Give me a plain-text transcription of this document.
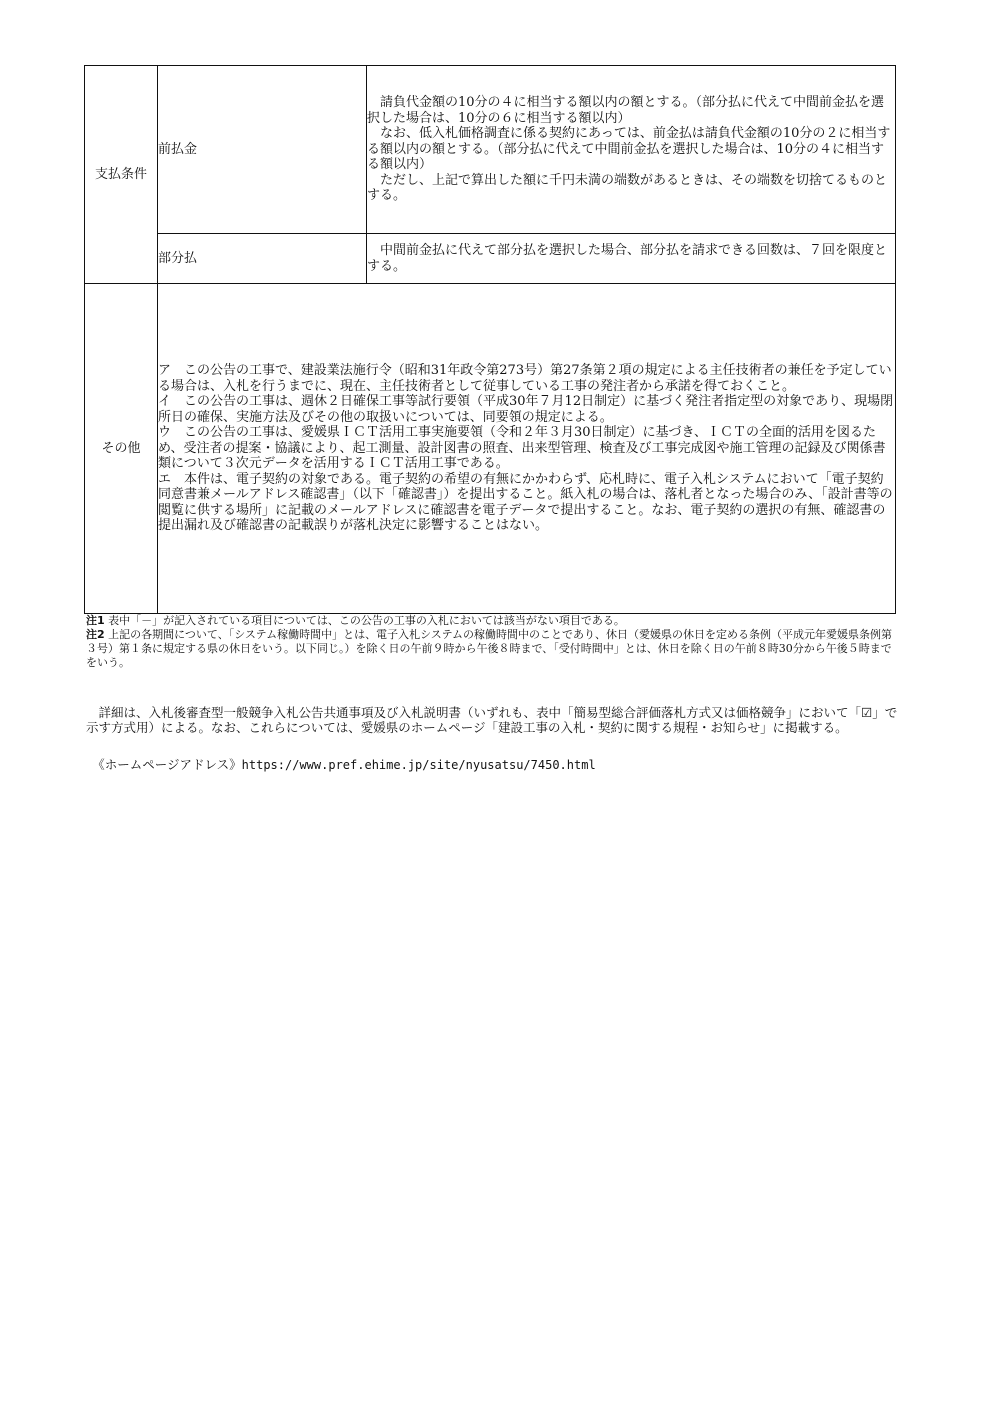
支払条件	前払金	　請負代金額の10分の４に相当する額以内の額とする。（部分払に代えて中間前金払を選択した場合は、10分の６に相当する額以内）
　なお、低入札価格調査に係る契約にあっては、前金払は請負代金額の10分の２に相当する額以内の額とする。（部分払に代えて中間前金払を選択した場合は、10分の４に相当する額以内）
　ただし、上記で算出した額に千円未満の端数があるときは、その端数を切捨てるものとする。
	部分払	　中間前金払に代えて部分払を選択した場合、部分払を請求できる回数は、７回を限度とする。
その他	ア　この公告の工事で、建設業法施行令（昭和31年政令第273号）第27条第２項の規定による主任技術者の兼任を予定している場合は、入札を行うまでに、現在、主任技術者として従事している工事の発注者から承諾を得ておくこと。
イ　この公告の工事は、週休２日確保工事等試行要領（平成30年７月12日制定）に基づく発注者指定型の対象であり、現場閉所日の確保、実施方法及びその他の取扱いについては、同要領の規定による。
ウ　この公告の工事は、愛媛県ＩＣＴ活用工事実施要領（令和２年３月30日制定）に基づき、ＩＣＴの全面的活用を図るため、受注者の提案・協議により、起工測量、設計図書の照査、出来型管理、検査及び工事完成図や施工管理の記録及び関係書類について３次元データを活用するＩＣＴ活用工事である。
エ　本件は、電子契約の対象である。電子契約の希望の有無にかかわらず、応札時に、電子入札システムにおいて「電子契約同意書兼メールアドレス確認書」（以下「確認書」）を提出すること。紙入札の場合は、落札者となった場合のみ、「設計書等の閲覧に供する場所」に記載のメールアドレスに確認書を電子データで提出すること。なお、電子契約の選択の有無、確認書の提出漏れ及び確認書の記載誤りが落札決定に影響することはない。	
注1 表中「－」が記入されている項目については、この公告の工事の入札においては該当がない項目である。
注2 上記の各期間について、「システム稼働時間中」とは、電子入札システムの稼働時間中のことであり、休日（愛媛県の休日を定める条例（平成元年愛媛県条例第３号）第１条に規定する県の休日をいう。以下同じ。）を除く日の午前９時から午後８時まで、「受付時間中」とは、休日を除く日の午前８時30分から午後５時までをいう。
　詳細は、入札後審査型一般競争入札公告共通事項及び入札説明書（いずれも、表中「簡易型総合評価落札方式又は価格競争」において「☑」で示す方式用）による。なお、これらについては、愛媛県のホームページ「建設工事の入札・契約に関する規程・お知らせ」に掲載する。
　《ホームページアドレス》https://www.pref.ehime.jp/site/nyusatsu/7450.html
